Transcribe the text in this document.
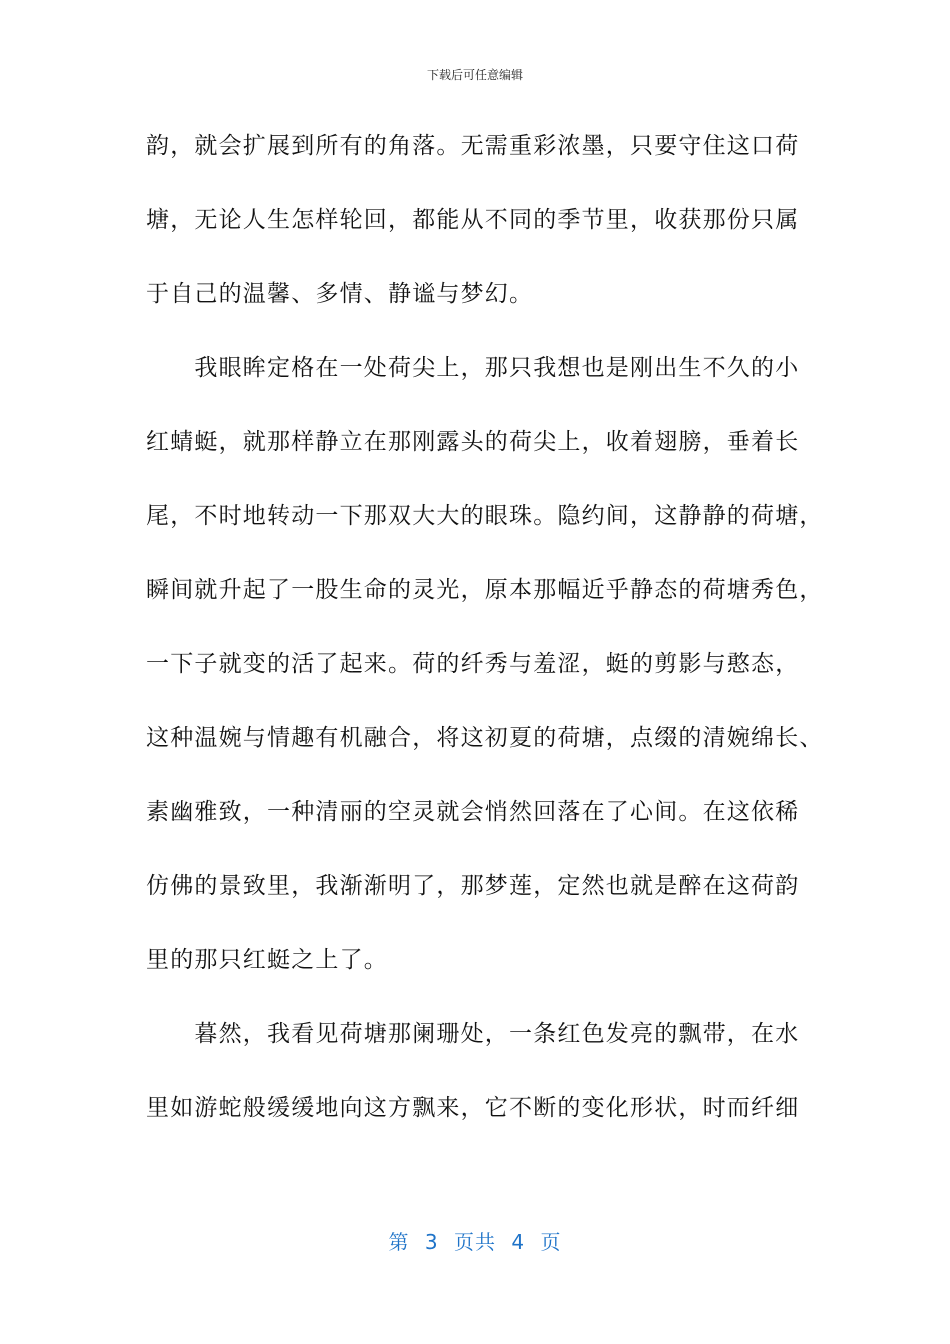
下载后可任意编辑
韵，就会扩展到所有的角落。无需重彩浓墨，只要守住这口荷
塘，无论人生怎样轮回，都能从不同的季节里，收获那份只属
于自己的温馨、多情、静谧与梦幻。
　　我眼眸定格在一处荷尖上，那只我想也是刚出生不久的小
红蜻蜓，就那样静立在那刚露头的荷尖上，收着翅膀，垂着长
尾，不时地转动一下那双大大的眼珠。隐约间，这静静的荷塘，
瞬间就升起了一股生命的灵光，原本那幅近乎静态的荷塘秀色，
一下子就变的活了起来。荷的纤秀与羞涩，蜓的剪影与憨态，
这种温婉与情趣有机融合，将这初夏的荷塘，点缀的清婉绵长、
素幽雅致，一种清丽的空灵就会悄然回落在了心间。在这依稀
仿佛的景致里，我渐渐明了，那梦莲，定然也就是醉在这荷韵
里的那只红蜓之上了。
　　暮然，我看见荷塘那阑珊处，一条红色发亮的飘带，在水
里如游蛇般缓缓地向这方飘来，它不断的变化形状，时而纤细
第 3 页共 4 页
